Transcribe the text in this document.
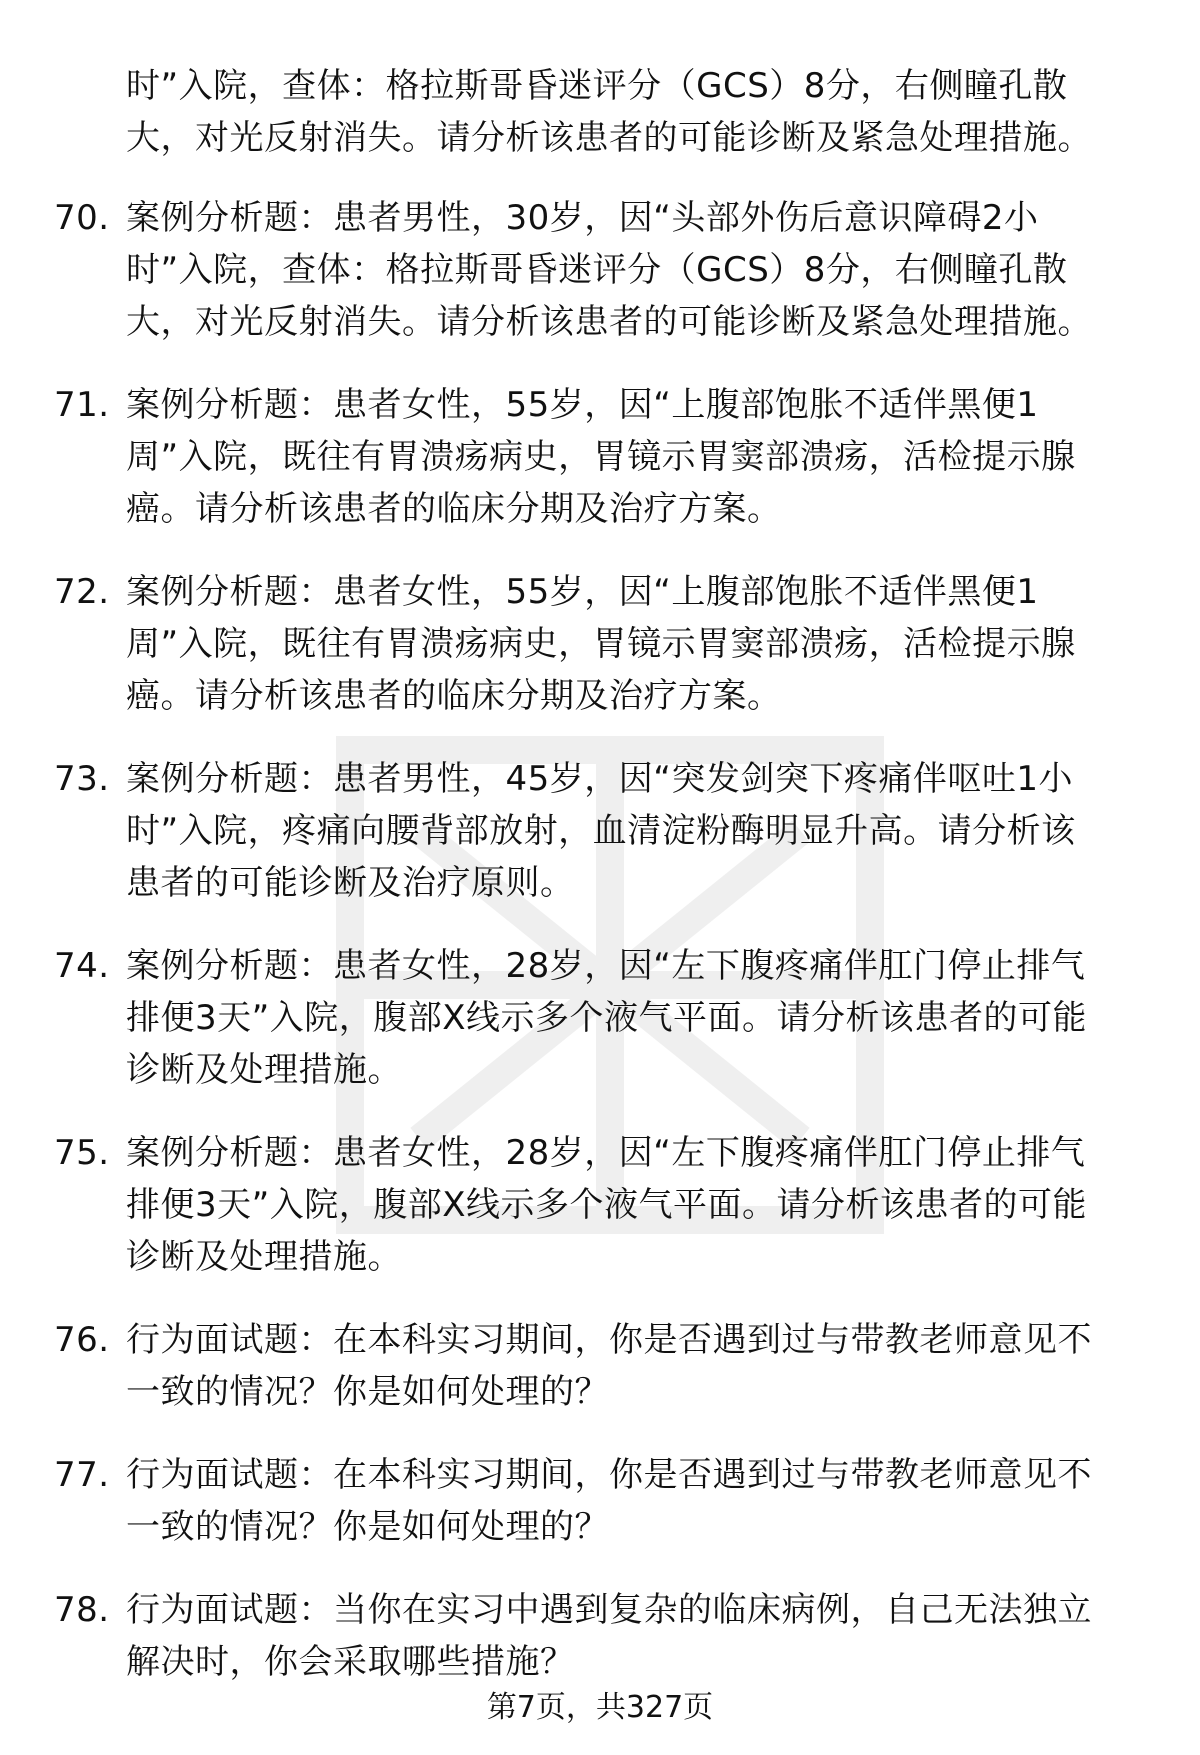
时”入院，查体：格拉斯哥昏迷评分（GCS）8分，右侧瞳孔散
大，对光反射消失。请分析该患者的可能诊断及紧急处理措施。
70. 案例分析题：患者男性，30岁，因“头部外伤后意识障碍2小
时”入院，查体：格拉斯哥昏迷评分（GCS）8分，右侧瞳孔散
大，对光反射消失。请分析该患者的可能诊断及紧急处理措施。
71. 案例分析题：患者女性，55岁，因“上腹部饱胀不适伴黑便1
周”入院，既往有胃溃疡病史，胃镜示胃窦部溃疡，活检提示腺
癌。请分析该患者的临床分期及治疗方案。
72. 案例分析题：患者女性，55岁，因“上腹部饱胀不适伴黑便1
周”入院，既往有胃溃疡病史，胃镜示胃窦部溃疡，活检提示腺
癌。请分析该患者的临床分期及治疗方案。
73. 案例分析题：患者男性，45岁，因“突发剑突下疼痛伴呕吐1小
时”入院，疼痛向腰背部放射，血清淀粉酶明显升高。请分析该
患者的可能诊断及治疗原则。
74. 案例分析题：患者女性，28岁，因“左下腹疼痛伴肛门停止排气
排便3天”入院，腹部X线示多个液气平面。请分析该患者的可能
诊断及处理措施。
75. 案例分析题：患者女性，28岁，因“左下腹疼痛伴肛门停止排气
排便3天”入院，腹部X线示多个液气平面。请分析该患者的可能
诊断及处理措施。
76. 行为面试题：在本科实习期间，你是否遇到过与带教老师意见不
一致的情况？你是如何处理的？
77. 行为面试题：在本科实习期间，你是否遇到过与带教老师意见不
一致的情况？你是如何处理的？
78. 行为面试题：当你在实习中遇到复杂的临床病例，自己无法独立
解决时，你会采取哪些措施？
第7页，共327页
